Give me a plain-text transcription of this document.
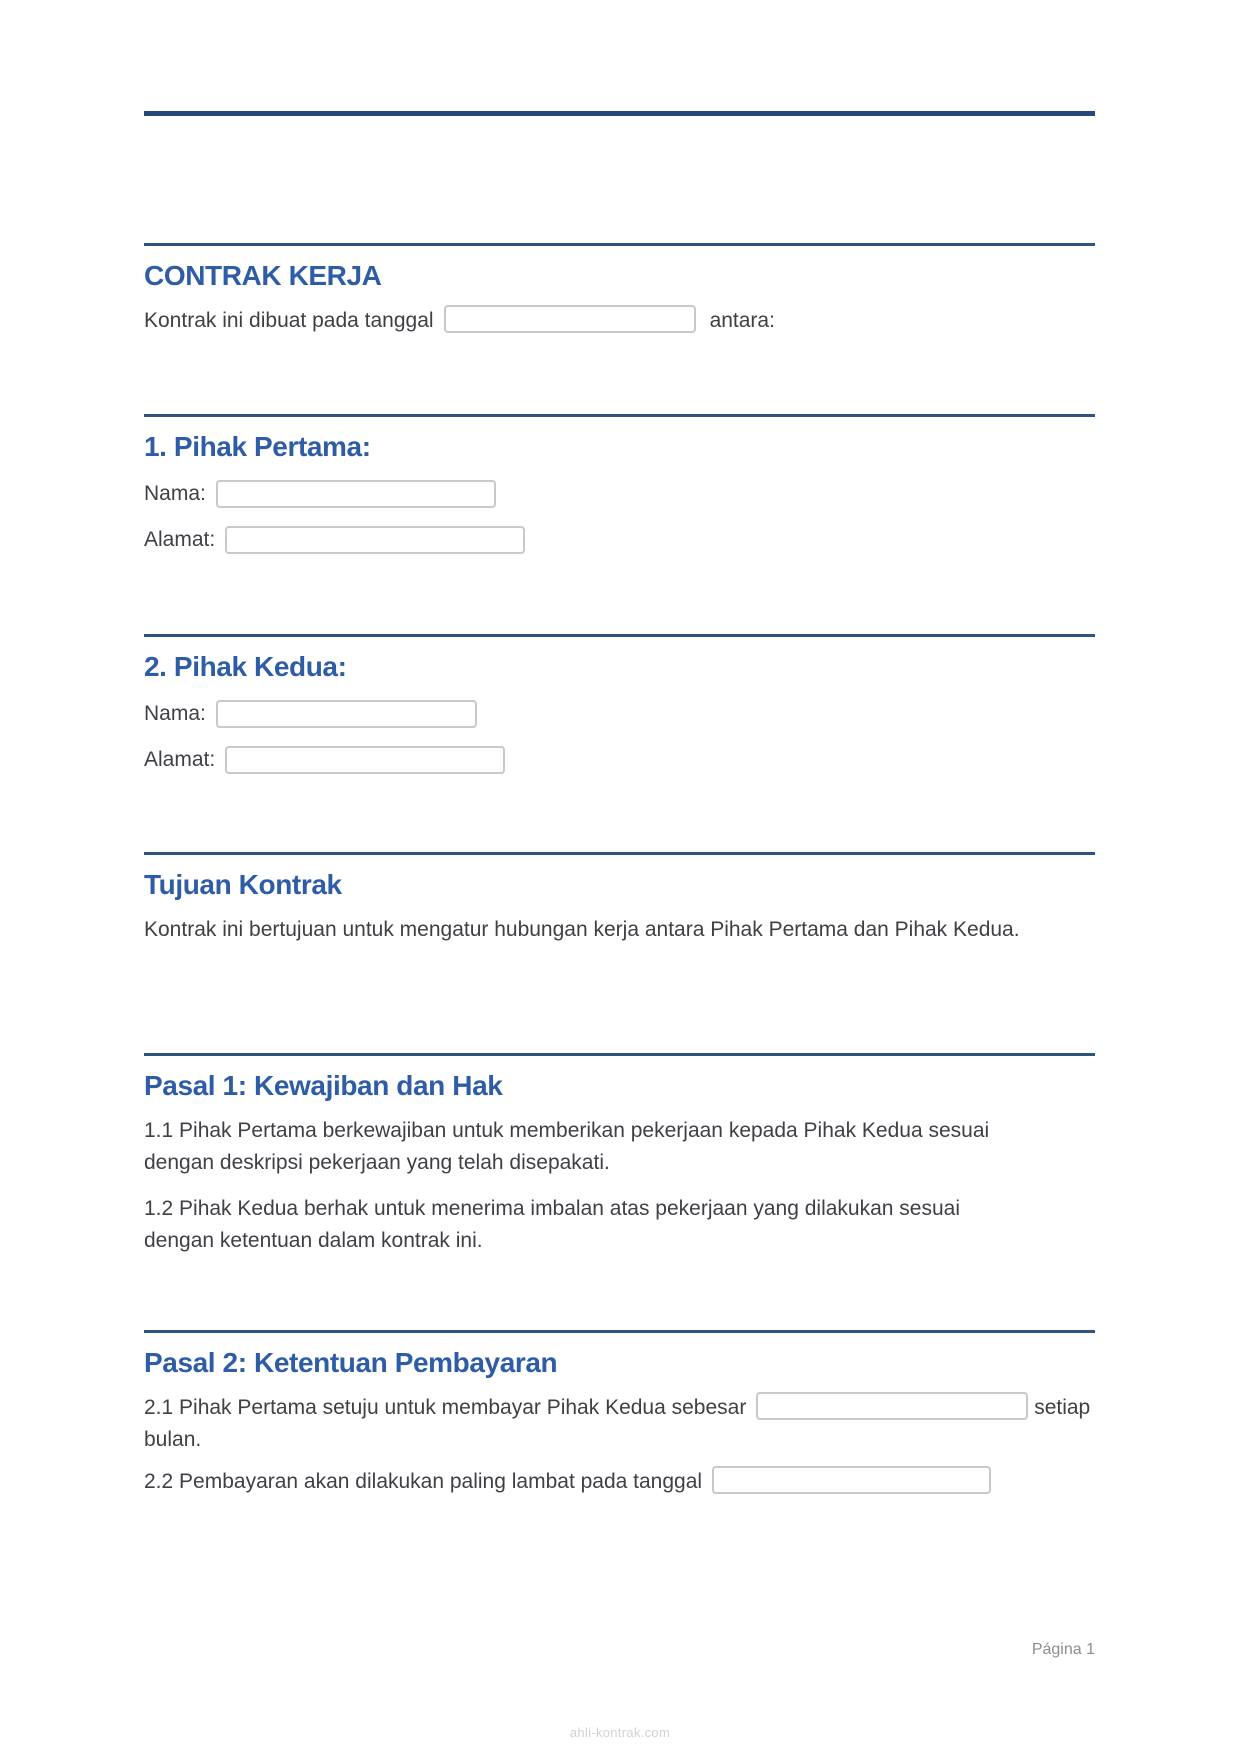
CONTRAK KERJA
Kontrak ini dibuat pada tanggal	antara:
1. Pihak Pertama:
Nama:
Alamat:
2. Pihak Kedua:
Nama:
Alamat:
Tujuan Kontrak
Kontrak ini bertujuan untuk mengatur hubungan kerja antara Pihak Pertama dan Pihak Kedua.
Pasal 1: Kewajiban dan Hak
1.1 Pihak Pertama berkewajiban untuk memberikan pekerjaan kepada Pihak Kedua sesuai dengan deskripsi pekerjaan yang telah disepakati.
1.2 Pihak Kedua berhak untuk menerima imbalan atas pekerjaan yang dilakukan sesuai dengan ketentuan dalam kontrak ini.
Pasal 2: Ketentuan Pembayaran
2.1 Pihak Pertama setuju untuk membayar Pihak Kedua sebesar	setiap bulan.
2.2 Pembayaran akan dilakukan paling lambat pada tanggal
Página 1
ahli-kontrak.com
